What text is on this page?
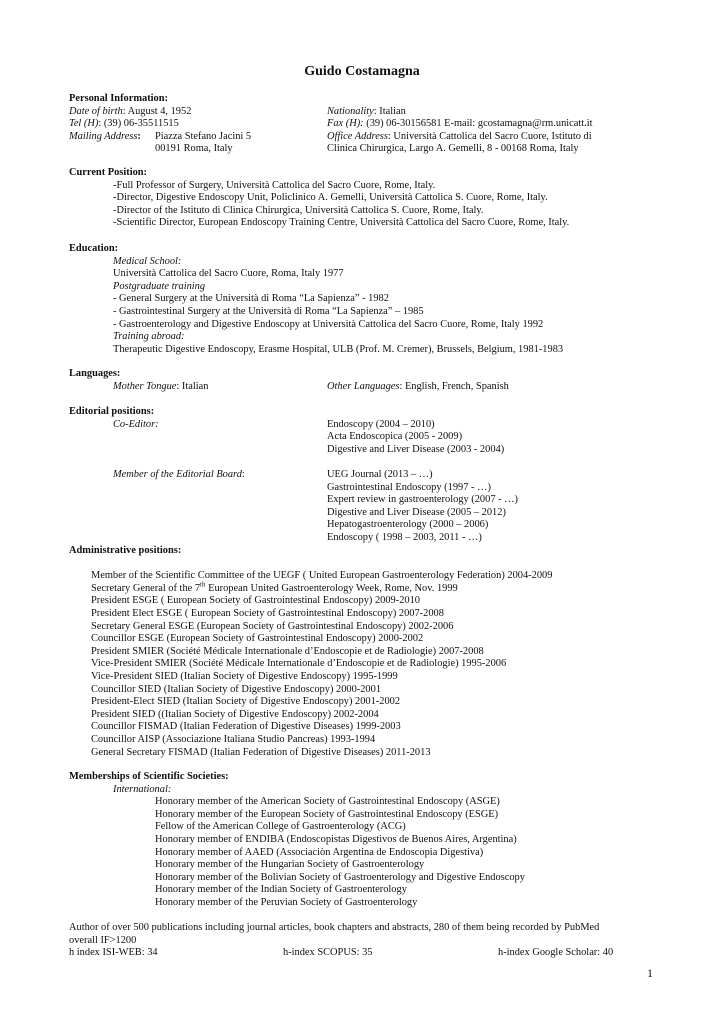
Guido Costamagna
Personal Information:
Date of birth: August 4, 1952	Nationality: Italian
Tel (H): (39) 06-35511515	Fax (H): (39) 06-30156581 E-mail: gcostamagna@rm.unicatt.it
Mailing Address: Piazza Stefano Jacini 5	Office Address: Università Cattolica del Sacro Cuore, Istituto di
00191 Roma, Italy	Clinica Chirurgica, Largo A. Gemelli, 8 - 00168 Roma, Italy
Current Position:
-Full Professor of Surgery, Università Cattolica del Sacro Cuore, Rome, Italy.
-Director, Digestive Endoscopy Unit, Policlinico A. Gemelli, Università Cattolica S. Cuore, Rome, Italy.
-Director of the Istituto di Clinica Chirurgica, Università Cattolica S. Cuore, Rome, Italy.
-Scientific Director, European Endoscopy Training Centre, Università Cattolica del Sacro Cuore, Rome, Italy.
Education:
Medical School:
Università Cattolica del Sacro Cuore, Roma, Italy 1977
Postgraduate training
- General Surgery at the Università di Roma “La Sapienza” - 1982
- Gastrointestinal Surgery at the Università di Roma “La Sapienza” – 1985
- Gastroenterology and Digestive Endoscopy at Università Cattolica del Sacro Cuore, Rome, Italy 1992
Training abroad:
Therapeutic Digestive Endoscopy, Erasme Hospital, ULB (Prof. M. Cremer), Brussels, Belgium, 1981-1983
Languages:
Mother Tongue: Italian	Other Languages: English, French, Spanish
Editorial positions:
Co-Editor:	Endoscopy (2004 – 2010)
Acta Endoscopica (2005 - 2009)
Digestive and Liver Disease (2003 - 2004)
Member of the Editorial Board:	UEG Journal (2013 – …)
Gastrointestinal Endoscopy (1997 - …)
Expert review in gastroenterology (2007 - …)
Digestive and Liver Disease (2005 – 2012)
Hepatogastroenterology (2000 – 2006)
Endoscopy ( 1998 – 2003, 2011 - …)
Administrative positions:
Member of the Scientific Committee of the UEGF ( United European Gastroenterology Federation) 2004-2009
Secretary General of the 7th European United Gastroenterology Week, Rome, Nov. 1999
President ESGE ( European Society of Gastrointestinal Endoscopy) 2009-2010
President Elect ESGE ( European Society of Gastrointestinal Endoscopy) 2007-2008
Secretary General ESGE (European Society of Gastrointestinal Endoscopy) 2002-2006
Councillor ESGE (European Society of Gastrointestinal Endoscopy) 2000-2002
President SMIER (Société Médicale Internationale d’Endoscopie et de Radiologie) 2007-2008
Vice-President SMIER (Société Médicale Internationale d’Endoscopie et de Radiologie) 1995-2006
Vice-President SIED (Italian Society of Digestive Endoscopy) 1995-1999
Councillor SIED (Italian Society of Digestive Endoscopy) 2000-2001
President-Elect SIED (Italian Society of Digestive Endoscopy) 2001-2002
President SIED ((Italian Society of Digestive Endoscopy) 2002-2004
Councillor FISMAD (Italian Federation of Digestive Diseases) 1999-2003
Councillor AISP (Associazione Italiana Studio Pancreas) 1993-1994
General Secretary FISMAD (Italian Federation of Digestive Diseases) 2011-2013
Memberships of Scientific Societies:
International:
Honorary member of the American Society of Gastrointestinal Endoscopy (ASGE)
Honorary member of the European Society of Gastrointestinal Endoscopy (ESGE)
Fellow of the American College of Gastroenterology (ACG)
Honorary member of ENDIBA (Endoscopistas Digestivos de Buenos Aires, Argentina)
Honorary member of AAED (Associaciòn Argentina de Endoscopia Digestiva)
Honorary member of the Hungarian Society of Gastroenterology
Honorary member of the Bolivian Society of Gastroenterology and Digestive Endoscopy
Honorary member of the Indian Society of Gastroenterology
Honorary member of the Peruvian Society of Gastroenterology
Author of over 500 publications including journal articles, book chapters and abstracts, 280 of them being recorded by PubMed
overall IF>1200
h index ISI-WEB: 34	h-index SCOPUS: 35	h-index Google Scholar: 40
1
